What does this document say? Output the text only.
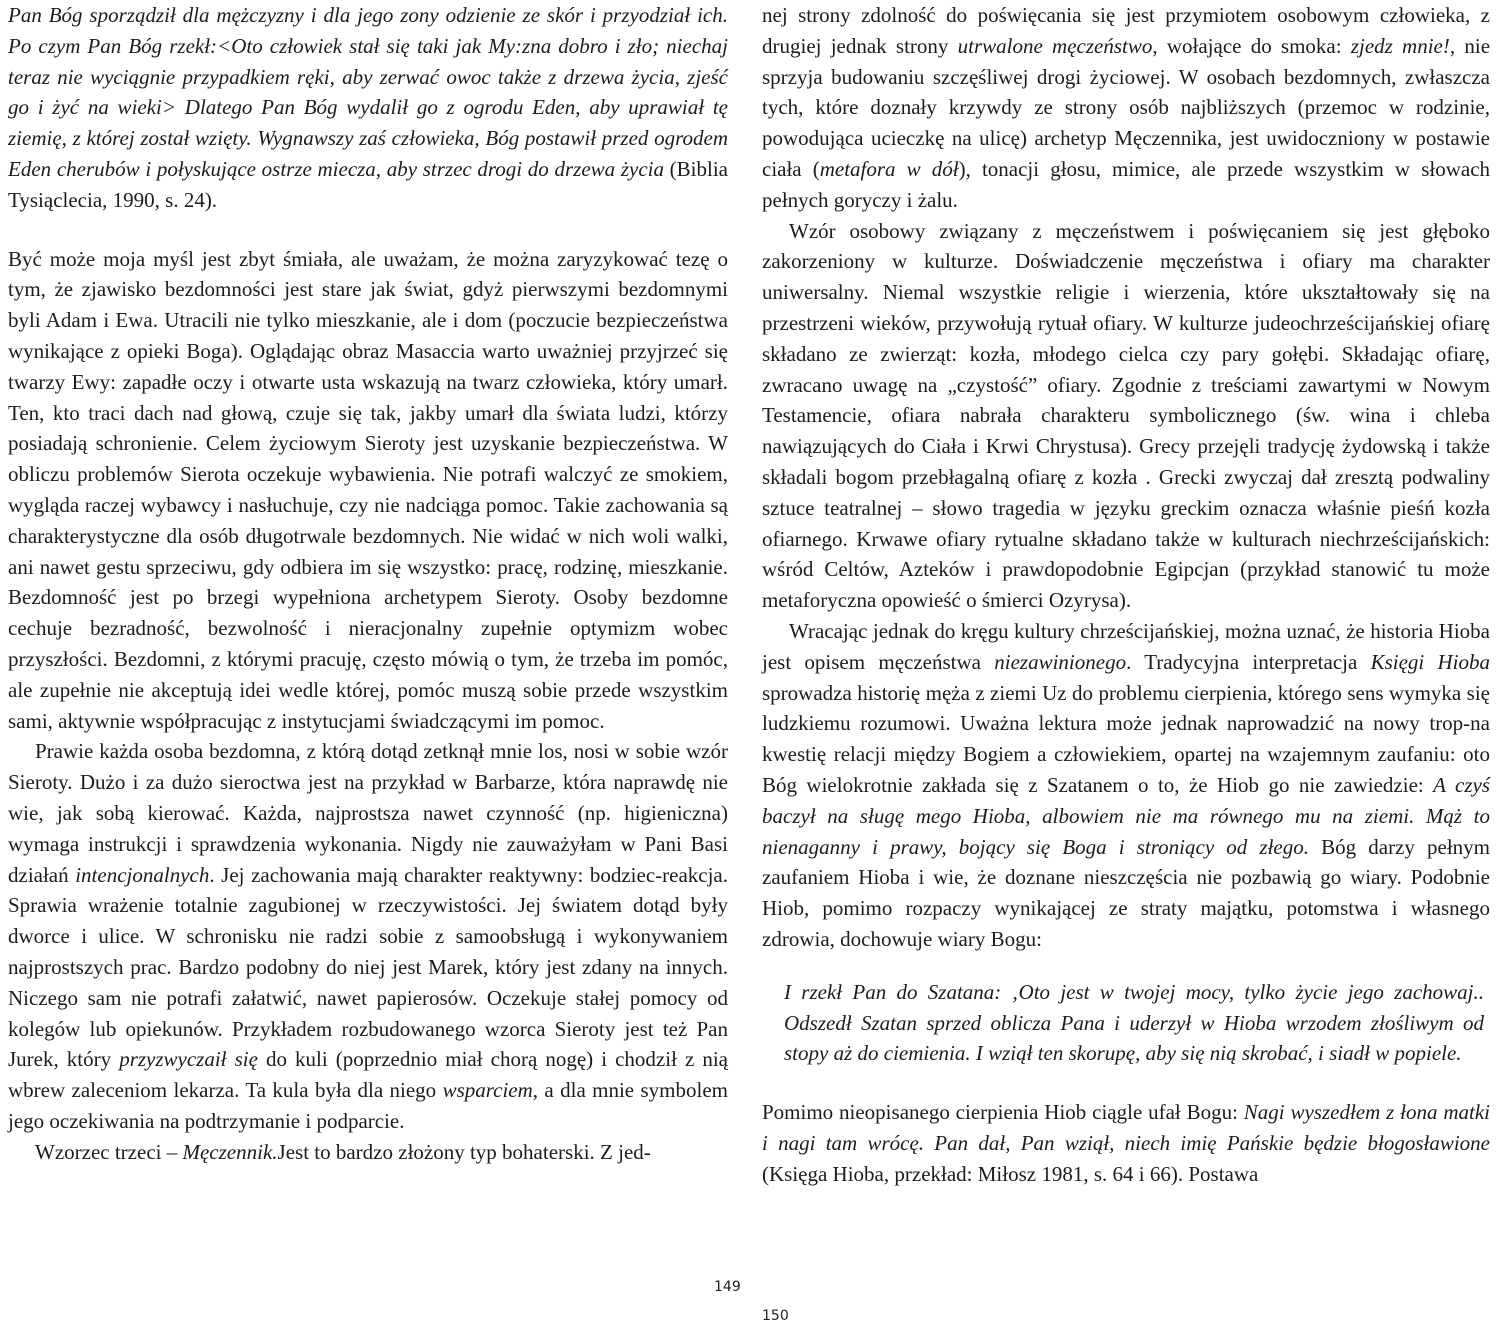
Pan Bóg sporządził dla mężczyzny i dla jego zony odzienie ze skór i przyodział ich. Po czym Pan Bóg rzekł:<Oto człowiek stał się taki jak My:zna dobro i zło; niechaj teraz nie wyciągnie przypadkiem ręki, aby zerwać owoc także z drzewa życia, zjeść go i żyć na wieki> Dlatego Pan Bóg wydalił go z ogrodu Eden, aby uprawiał tę ziemię, z której został wzięty. Wygnawszy zaś człowieka, Bóg postawił przed ogrodem Eden cherubów i połyskujące ostrze miecza, aby strzec drogi do drzewa życia (Biblia Tysiąclecia, 1990, s. 24).

Być może moja myśl jest zbyt śmiała, ale uważam, że można zaryzykować tezę o tym, że zjawisko bezdomności jest stare jak świat, gdyż pierwszymi bezdomnymi byli Adam i Ewa. Utracili nie tylko mieszkanie, ale i dom (poczucie bezpieczeństwa wynikające z opieki Boga). Oglądając obraz Masaccia warto uważniej przyjrzeć się twarzy Ewy: zapadłe oczy i otwarte usta wskazują na twarz człowieka, który umarł. Ten, kto traci dach nad głową, czuje się tak, jakby umarł dla świata ludzi, którzy posiadają schronienie. Celem życiowym Sieroty jest uzyskanie bezpieczeństwa. W obliczu problemów Sierota oczekuje wybawienia. Nie potrafi walczyć ze smokiem, wygląda raczej wybawcy i nasłuchuje, czy nie nadciąga pomoc. Takie zachowania są charakterystyczne dla osób długotrwale bezdomnych. Nie widać w nich woli walki, ani nawet gestu sprzeciwu, gdy odbiera im się wszystko: pracę, rodzinę, mieszkanie. Bezdomność jest po brzegi wypełniona archetypem Sieroty. Osoby bezdomne cechuje bezradność, bezwolność i nieracjonalny zupełnie optymizm wobec przyszłości. Bezdomni, z którymi pracuję, często mówią o tym, że trzeba im pomóc, ale zupełnie nie akceptują idei wedle której, pomóc muszą sobie przede wszystkim sami, aktywnie współpracując z instytucjami świadczącymi im pomoc.

Prawie każda osoba bezdomna, z którą dotąd zetknął mnie los, nosi w sobie wzór Sieroty. Dużo i za dużo sieroctwa jest na przykład w Barbarze, która naprawdę nie wie, jak sobą kierować. Każda, najprostsza nawet czynność (np. higieniczna) wymaga instrukcji i sprawdzenia wykonania. Nigdy nie zauważyłam w Pani Basi działań intencjonalnych. Jej zachowania mają charakter reaktywny: bodziec-reakcja. Sprawia wrażenie totalnie zagubionej w rzeczywistości. Jej światem dotąd były dworce i ulice. W schronisku nie radzi sobie z samoobsługą i wykonywaniem najprostszych prac. Bardzo podobny do niej jest Marek, który jest zdany na innych. Niczego sam nie potrafi załatwić, nawet papierosów. Oczekuje stałej pomocy od kolegów lub opiekunów. Przykładem rozbudowanego wzorca Sieroty jest też Pan Jurek, który przyzwyczaił się do kuli (poprzednio miał chorą nogę) i chodził z nią wbrew zaleceniom lekarza. Ta kula była dla niego wsparciem, a dla mnie symbolem jego oczekiwania na podtrzymanie i podparcie.

Wzorzec trzeci – Męczennik.Jest to bardzo złożony typ bohaterski. Z jed-

nej strony zdolność do poświęcania się jest przymiotem osobowym człowieka, z drugiej jednak strony utrwalone męczeństwo, wołające do smoka: zjedz mnie!, nie sprzyja budowaniu szczęśliwej drogi życiowej. W osobach bezdomnych, zwłaszcza tych, które doznały krzywdy ze strony osób najbliższych (przemoc w rodzinie, powodująca ucieczkę na ulicę) archetyp Męczennika, jest uwidoczniony w postawie ciała (metafora w dół), tonacji głosu, mimice, ale przede wszystkim w słowach pełnych goryczy i żalu.

Wzór osobowy związany z męczeństwem i poświęcaniem się jest głęboko zakorzeniony w kulturze. Doświadczenie męczeństwa i ofiary ma charakter uniwersalny. Niemal wszystkie religie i wierzenia, które ukształtowały się na przestrzeni wieków, przywołują rytuał ofiary. W kulturze judeochrześcijańskiej ofiarę składano ze zwierząt: kozła, młodego cielca czy pary gołębi. Składając ofiarę, zwracano uwagę na „czystość” ofiary. Zgodnie z treściami zawartymi w Nowym Testamencie, ofiara nabrała charakteru symbolicznego (św. wina i chleba nawiązujących do Ciała i Krwi Chrystusa). Grecy przejęli tradycję żydowską i także składali bogom przebłagalną ofiarę z kozła . Grecki zwyczaj dał zresztą podwaliny sztuce teatralnej – słowo tragedia w języku greckim oznacza właśnie pieśń kozła ofiarnego. Krwawe ofiary rytualne składano także w kulturach niechrześcijańskich: wśród Celtów, Azteków i prawdopodobnie Egipcjan (przykład stanowić tu może metaforyczna opowieść o śmierci Ozyrysa).

Wracając jednak do kręgu kultury chrześcijańskiej, można uznać, że historia Hioba jest opisem męczeństwa niezawinionego. Tradycyjna interpretacja Księgi Hioba sprowadza historię męża z ziemi Uz do problemu cierpienia, którego sens wymyka się ludzkiemu rozumowi. Uważna lektura może jednak naprowadzić na nowy trop-na kwestię relacji między Bogiem a człowiekiem, opartej na wzajemnym zaufaniu: oto Bóg wielokrotnie zakłada się z Szatanem o to, że Hiob go nie zawiedzie: A czyś baczył na sługę mego Hioba, albowiem nie ma równego mu na ziemi. Mąż to nienaganny i prawy, bojący się Boga i stroniący od złego. Bóg darzy pełnym zaufaniem Hioba i wie, że doznane nieszczęścia nie pozbawią go wiary. Podobnie Hiob, pomimo rozpaczy wynikającej ze straty majątku, potomstwa i własnego zdrowia, dochowuje wiary Bogu:

I rzekł Pan do Szatana: ‚Oto jest w twojej mocy, tylko życie jego zachowaj.. Odszedł Szatan sprzed oblicza Pana i uderzył w Hioba wrzodem złośliwym od stopy aż do ciemienia. I wziął ten skorupę, aby się nią skrobać, i siadł w popiele.

Pomimo nieopisanego cierpienia Hiob ciągle ufał Bogu: Nagi wyszedłem z łona matki i nagi tam wrócę. Pan dał, Pan wziął, niech imię Pańskie będzie błogosławione (Księga Hioba, przekład: Miłosz 1981, s. 64 i 66). Postawa

149
150
